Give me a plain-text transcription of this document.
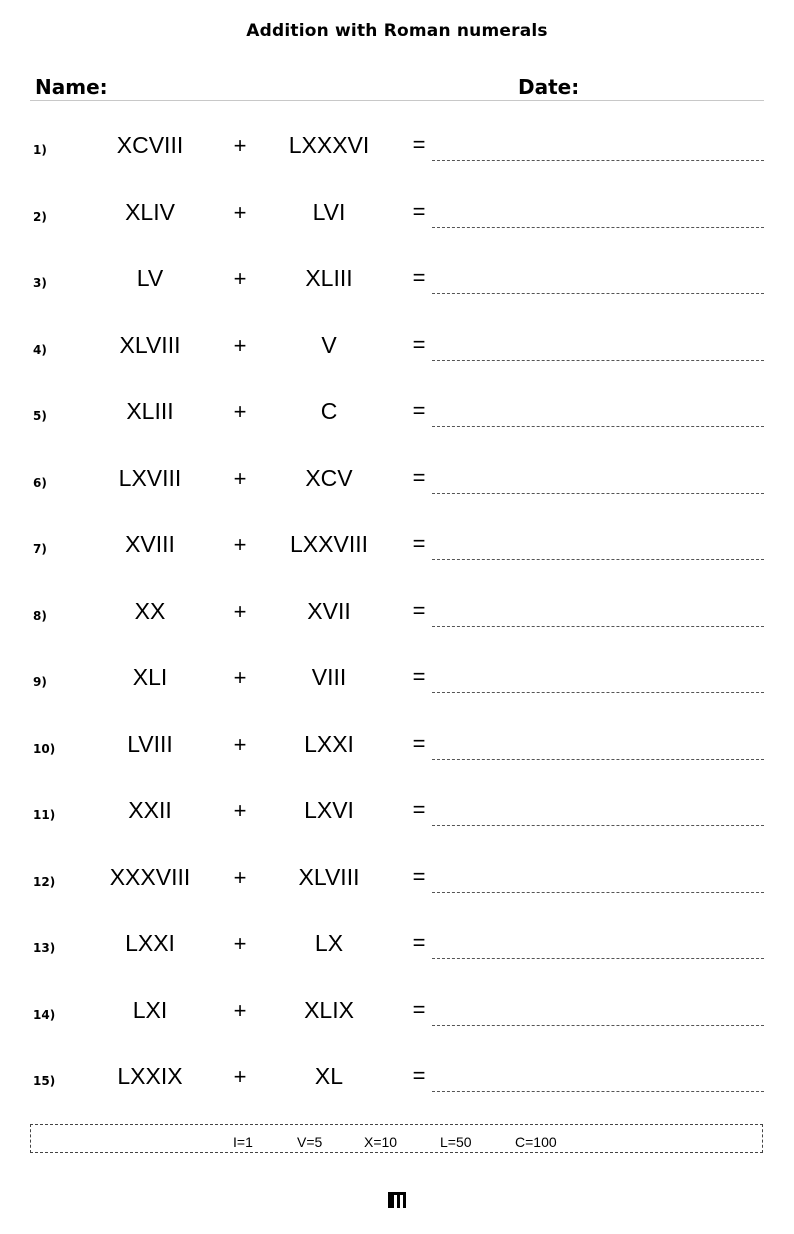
Addition with Roman numerals
Name:	Date:
1)	XCVIII	+	LXXXVI	=
2)	XLIV	+	LVI	=
3)	LV	+	XLIII	=
4)	XLVIII	+	V	=
5)	XLIII	+	C	=
6)	LXVIII	+	XCV	=
7)	XVIII	+	LXXVIII	=
8)	XX	+	XVII	=
9)	XLI	+	VIII	=
10)	LVIII	+	LXXI	=
11)	XXII	+	LXVI	=
12)	XXXVIII	+	XLVIII	=
13)	LXXI	+	LX	=
14)	LXI	+	XLIX	=
15)	LXXIX	+	XL	=
I=1	V=5	X=10	L=50	C=100
